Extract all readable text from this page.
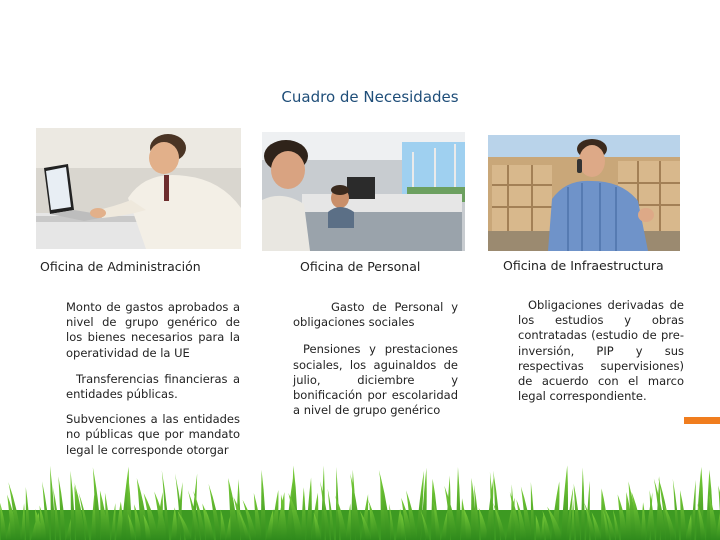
Cuadro de Necesidades
Oficina de Administración

Monto de gastos aprobados a nivel de grupo genérico de los bienes necesarios para la operatividad de la UE

Transferencias financieras a entidades públicas.

Subvenciones a las entidades no públicas que por mandato legal le corresponde otorgar

Oficina de Personal

Gasto de Personal y obligaciones sociales

Pensiones y prestaciones sociales, los aguinaldos de julio, diciembre y bonificación por escolaridad a nivel de grupo genérico

Oficina de Infraestructura

Obligaciones derivadas de los estudios y obras contratadas (estudio de pre-inversión, PIP y sus respectivas supervisiones) de acuerdo con el marco legal correspondiente.
